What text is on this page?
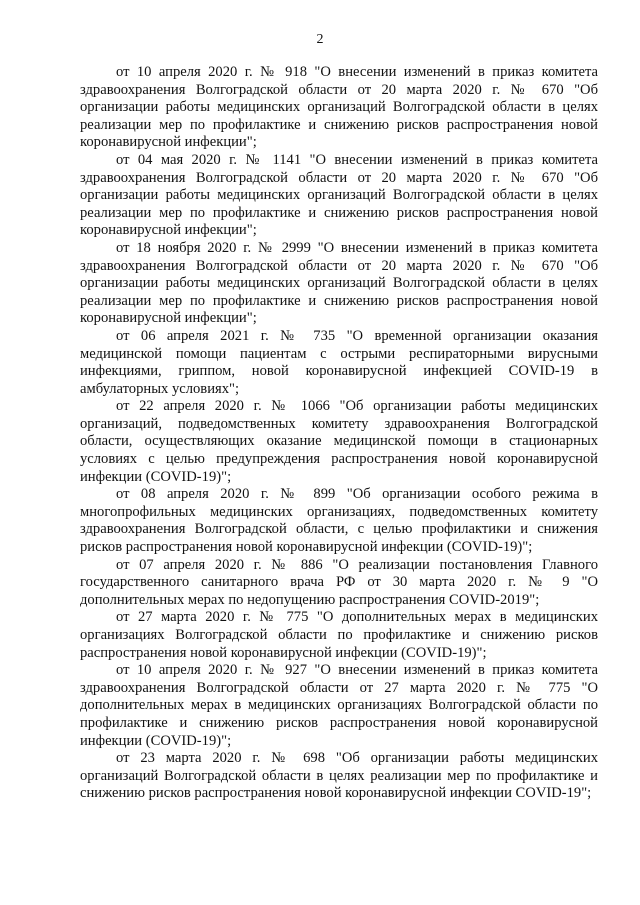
2

от 10 апреля 2020 г. № 918 "О внесении изменений в приказ комитета здравоохранения Волгоградской области от 20 марта 2020 г. № 670 "Об организации работы медицинских организаций Волгоградской области в целях реализации мер по профилактике и снижению рисков распространения новой коронавирусной инфекции";

от 04 мая 2020 г. № 1141 "О внесении изменений в приказ комитета здравоохранения Волгоградской области от 20 марта 2020 г. № 670 "Об организации работы медицинских организаций Волгоградской области в целях реализации мер по профилактике и снижению рисков распространения новой коронавирусной инфекции";

от 18 ноября 2020 г. № 2999 "О внесении изменений в приказ комитета здравоохранения Волгоградской области от 20 марта 2020 г. № 670 "Об организации работы медицинских организаций Волгоградской области в целях реализации мер по профилактике и снижению рисков распространения новой коронавирусной инфекции";

от 06 апреля 2021 г. № 735 "О временной организации оказания медицинской помощи пациентам с острыми респираторными вирусными инфекциями, гриппом, новой коронавирусной инфекцией COVID-19 в амбулаторных условиях";

от 22 апреля 2020 г. № 1066 "Об организации работы медицинских организаций, подведомственных комитету здравоохранения Волгоградской области, осуществляющих оказание медицинской помощи в стационарных условиях с целью предупреждения распространения новой коронавирусной инфекции (COVID-19)";

от 08 апреля 2020 г. № 899 "Об организации особого режима в многопрофильных медицинских организациях, подведомственных комитету здравоохранения Волгоградской области, с целью профилактики и снижения рисков распространения новой коронавирусной инфекции (COVID-19)";

от 07 апреля 2020 г. № 886 "О реализации постановления Главного государственного санитарного врача РФ от 30 марта 2020 г. № 9 "О дополнительных мерах по недопущению распространения COVID-2019";

от 27 марта 2020 г. № 775 "О дополнительных мерах в медицинских организациях Волгоградской области по профилактике и снижению рисков распространения новой коронавирусной инфекции (COVID-19)";

от 10 апреля 2020 г. № 927 "О внесении изменений в приказ комитета здравоохранения Волгоградской области от 27 марта 2020 г. № 775 "О дополнительных мерах в медицинских организациях Волгоградской области по профилактике и снижению рисков распространения новой коронавирусной инфекции (COVID-19)";

от 23 марта 2020 г. № 698 "Об организации работы медицинских организаций Волгоградской области в целях реализации мер по профилактике и снижению рисков распространения новой коронавирусной инфекции COVID-19";
